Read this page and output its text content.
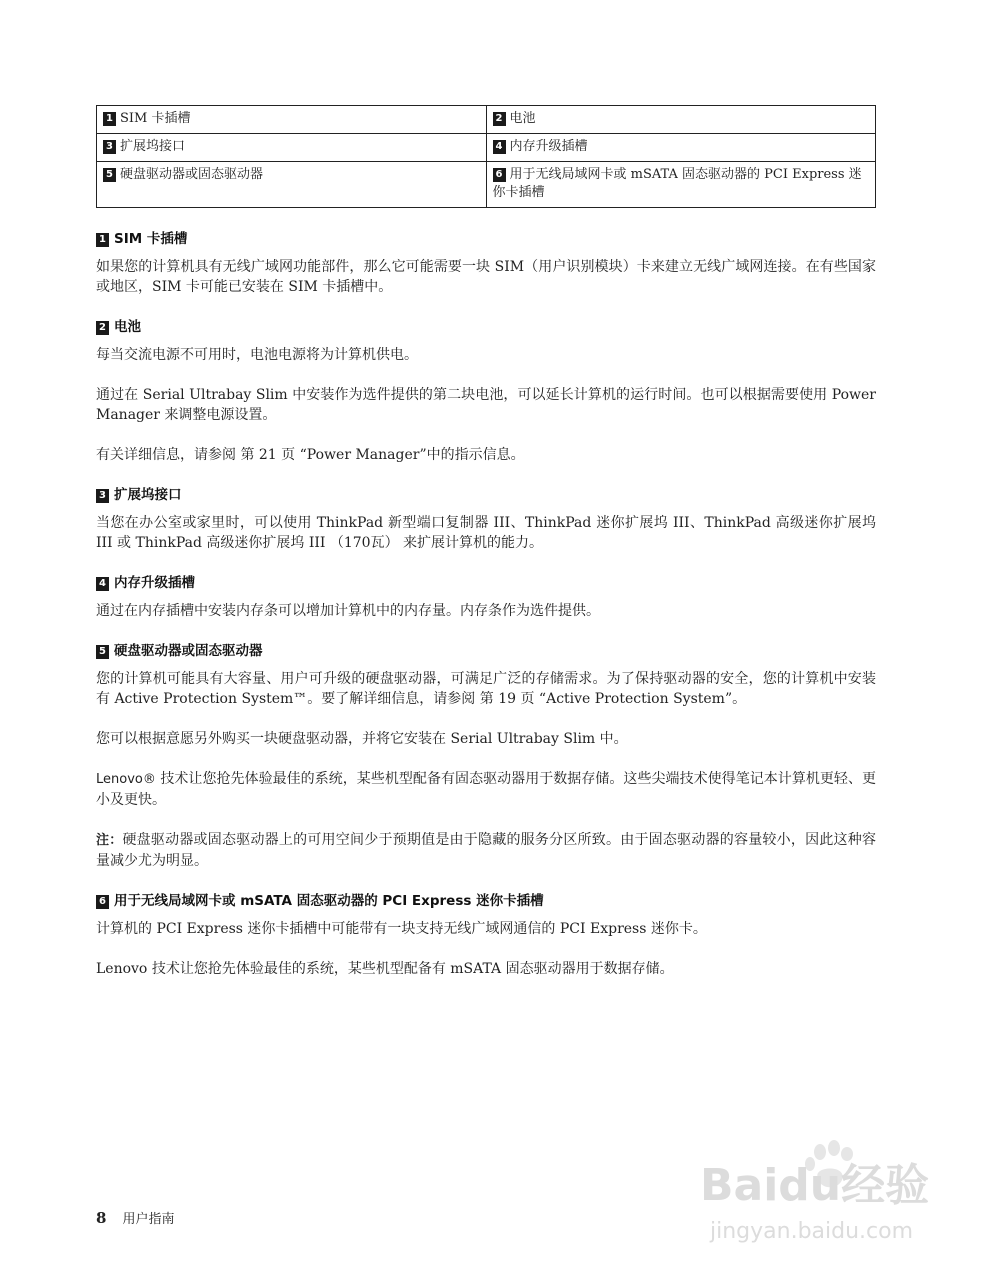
1 SIM 卡插槽	2 电池
3 扩展坞接口	4 内存升级插槽
5 硬盘驱动器或固态驱动器	6 用于无线局域网卡或 mSATA 固态驱动器的 PCI Express 迷你卡插槽
1 SIM 卡插槽

如果您的计算机具有无线广域网功能部件，那么它可能需要一块 SIM（用户识别模块）卡来建立无线广域网连接。在有些国家或地区，SIM 卡可能已安装在 SIM 卡插槽中。

2 电池

每当交流电源不可用时，电池电源将为计算机供电。

通过在 Serial Ultrabay Slim 中安装作为选件提供的第二块电池，可以延长计算机的运行时间。也可以根据需要使用 Power Manager 来调整电源设置。

有关详细信息，请参阅 第 21 页 “Power Manager”中的指示信息。

3 扩展坞接口

当您在办公室或家里时，可以使用 ThinkPad 新型端口复制器 III、ThinkPad 迷你扩展坞 III、ThinkPad 高级迷你扩展坞 III 或 ThinkPad 高级迷你扩展坞 III （170瓦） 来扩展计算机的能力。

4 内存升级插槽

通过在内存插槽中安装内存条可以增加计算机中的内存量。内存条作为选件提供。

5 硬盘驱动器或固态驱动器

您的计算机可能具有大容量、用户可升级的硬盘驱动器，可满足广泛的存储需求。为了保持驱动器的安全，您的计算机中安装有 Active Protection System™。要了解详细信息，请参阅 第 19 页 “Active Protection System”。

您可以根据意愿另外购买一块硬盘驱动器，并将它安装在 Serial Ultrabay Slim 中。

Lenovo® 技术让您抢先体验最佳的系统，某些机型配备有固态驱动器用于数据存储。这些尖端技术使得笔记本计算机更轻、更小及更快。

注：硬盘驱动器或固态驱动器上的可用空间少于预期值是由于隐藏的服务分区所致。由于固态驱动器的容量较小，因此这种容量减少尤为明显。

6 用于无线局域网卡或 mSATA 固态驱动器的 PCI Express 迷你卡插槽

计算机的 PCI Express 迷你卡插槽中可能带有一块支持无线广域网通信的 PCI Express 迷你卡。

Lenovo 技术让您抢先体验最佳的系统，某些机型配备有 mSATA 固态驱动器用于数据存储。

8 用户指南
Baidu经验
jingyan.baidu.com
